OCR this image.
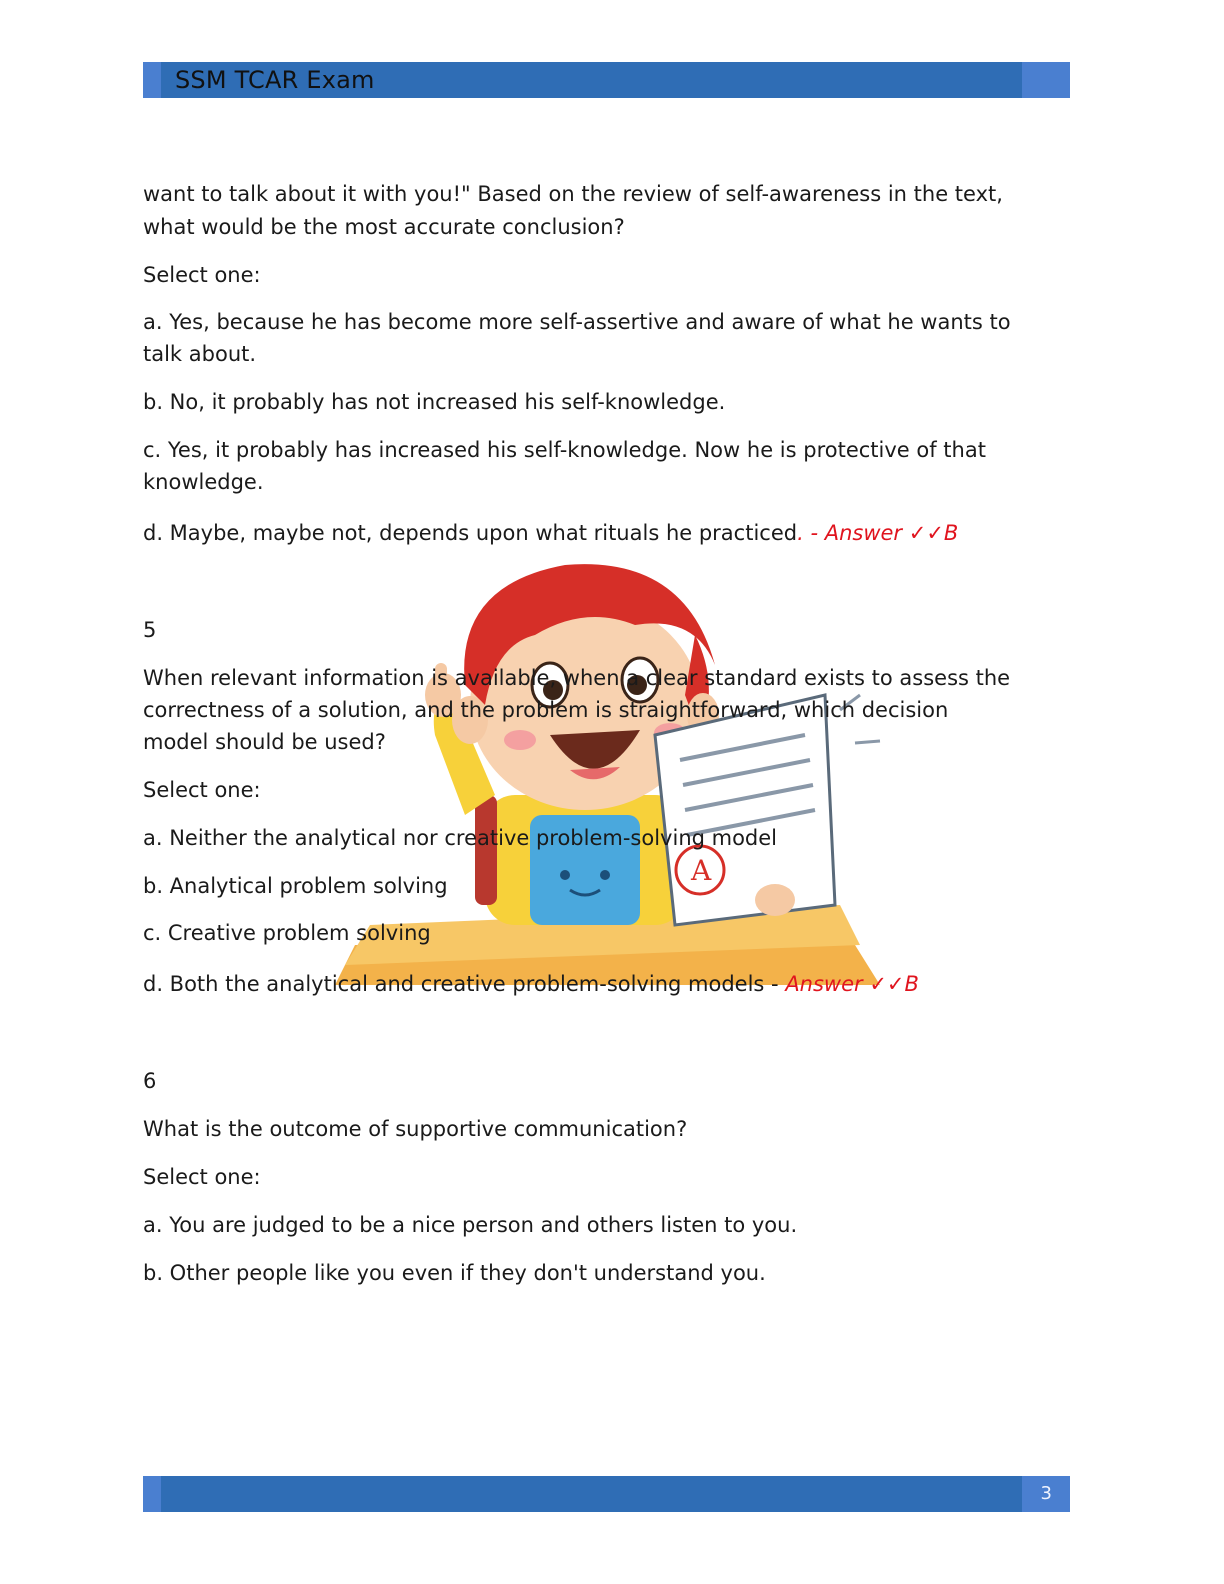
SSM TCAR Exam
A
want to talk about it with you!" Based on the review of self-awareness in the text,
what would be the most accurate conclusion?
Select one:
a. Yes, because he has become more self-assertive and aware of what he wants to
talk about.
b. No, it probably has not increased his self-knowledge.
c. Yes, it probably has increased his self-knowledge. Now he is protective of that
knowledge.
d. Maybe, maybe not, depends upon what rituals he practiced. - Answer ✓✓B
5
When relevant information is available, when a clear standard exists to assess the
correctness of a solution, and the problem is straightforward, which decision
model should be used?
Select one:
a. Neither the analytical nor creative problem-solving model
b. Analytical problem solving
c. Creative problem solving
d. Both the analytical and creative problem-solving models - Answer ✓✓B
6
What is the outcome of supportive communication?
Select one:
a. You are judged to be a nice person and others listen to you.
b. Other people like you even if they don't understand you.
3
